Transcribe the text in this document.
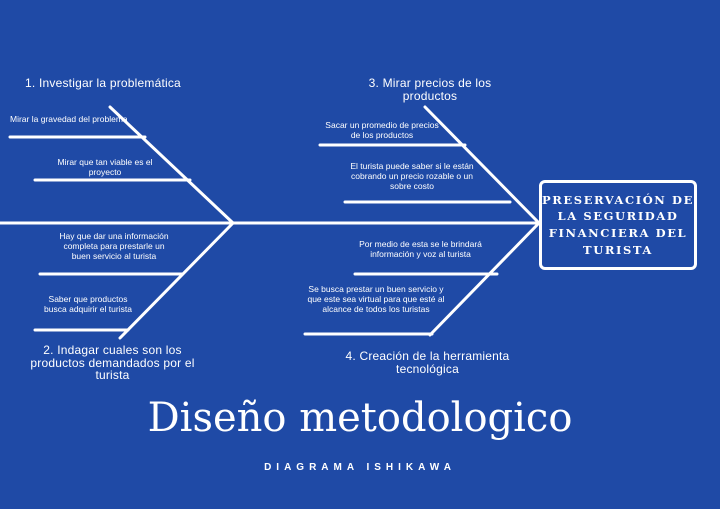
1. Investigar la problemática
2. Indagar cuales son los productos demandados por el turista
3. Mirar precios de los productos
4. Creación de la herramienta tecnológica
Mirar la gravedad del problema
Mirar que tan viable es el proyecto
Hay que dar una información completa para prestarle un buen servicio al turista
Saber que productos busca adquirir el turista
Sacar un promedio de precios de los productos
El turista puede saber si le están cobrando un precio rozable o un sobre costo
Por medio de esta se le brindará información y voz al turista
Se busca prestar un buen servicio y que este sea virtual para que esté al alcance de todos los turistas
PRESERVACIÓN DE LA SEGURIDAD FINANCIERA DEL TURISTA
Diseño metodologico
DIAGRAMA ISHIKAWA
